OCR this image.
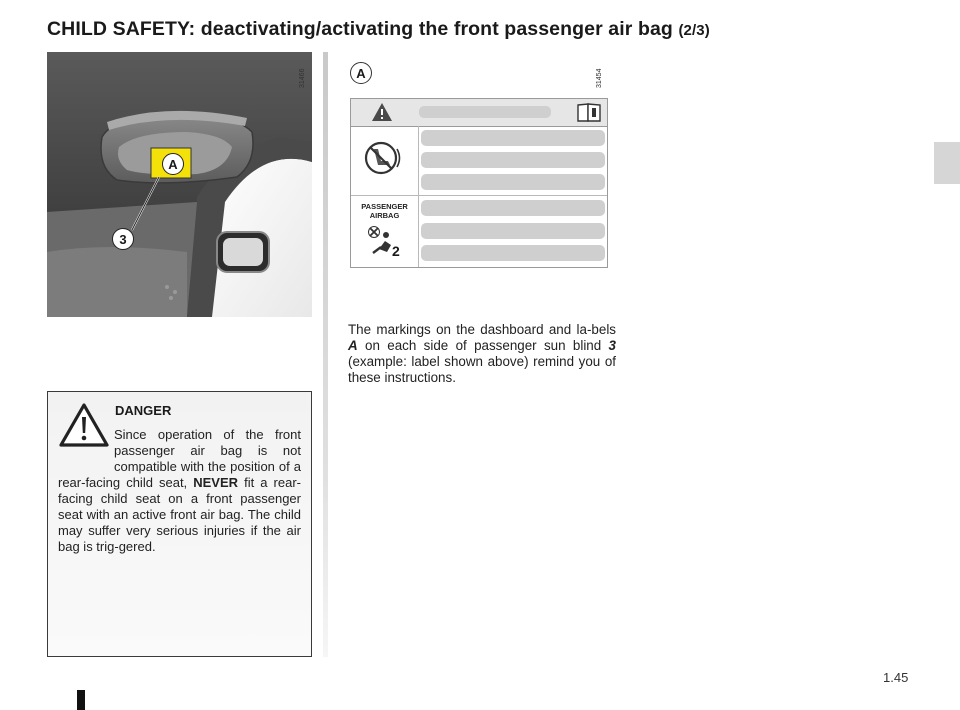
CHILD SAFETY: deactivating/activating the front passenger air bag (2/3)
A
3
31466	A	31454
PASSENGER
AIRBAG
2
The markings on the dashboard and la-bels A on each side of passenger sun blind 3 (example: label shown above) remind you of these instructions.
DANGER
Since operation of the front passenger air bag is not compatible with the position of a rear-facing child seat, NEVER fit a rear-facing child seat on a front passenger seat with an active front air bag. The child may suffer very serious injuries if the air bag is trig-gered.
1.45
